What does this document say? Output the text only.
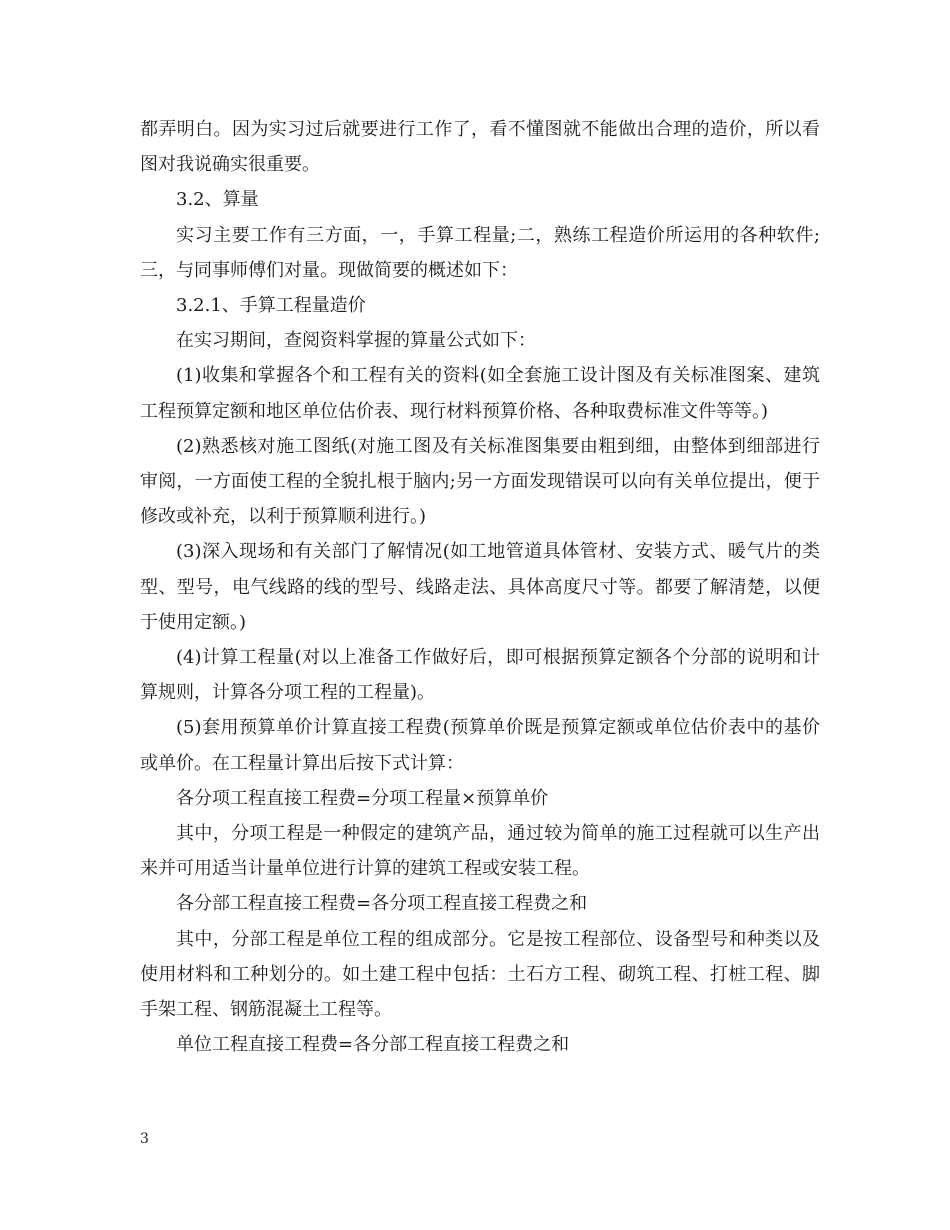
都弄明白。因为实习过后就要进行工作了，看不懂图就不能做出合理的造价，所以看图对我说确实很重要。

3.2、算量

实习主要工作有三方面，一，手算工程量;二，熟练工程造价所运用的各种软件;三，与同事师傅们对量。现做简要的概述如下：

3.2.1、手算工程量造价

在实习期间，查阅资料掌握的算量公式如下：

(1)收集和掌握各个和工程有关的资料(如全套施工设计图及有关标准图案、建筑工程预算定额和地区单位估价表、现行材料预算价格、各种取费标准文件等等。)

(2)熟悉核对施工图纸(对施工图及有关标准图集要由粗到细，由整体到细部进行审阅，一方面使工程的全貌扎根于脑内;另一方面发现错误可以向有关单位提出，便于修改或补充，以利于预算顺利进行。)

(3)深入现场和有关部门了解情况(如工地管道具体管材、安装方式、暖气片的类型、型号，电气线路的线的型号、线路走法、具体高度尺寸等。都要了解清楚，以便于使用定额。)

(4)计算工程量(对以上准备工作做好后，即可根据预算定额各个分部的说明和计算规则，计算各分项工程的工程量)。

(5)套用预算单价计算直接工程费(预算单价既是预算定额或单位估价表中的基价或单价。在工程量计算出后按下式计算：

各分项工程直接工程费=分项工程量×预算单价

其中，分项工程是一种假定的建筑产品，通过较为简单的施工过程就可以生产出来并可用适当计量单位进行计算的建筑工程或安装工程。

各分部工程直接工程费=各分项工程直接工程费之和

其中，分部工程是单位工程的组成部分。它是按工程部位、设备型号和种类以及使用材料和工种划分的。如土建工程中包括：土石方工程、砌筑工程、打桩工程、脚手架工程、钢筋混凝土工程等。

单位工程直接工程费=各分部工程直接工程费之和

3
